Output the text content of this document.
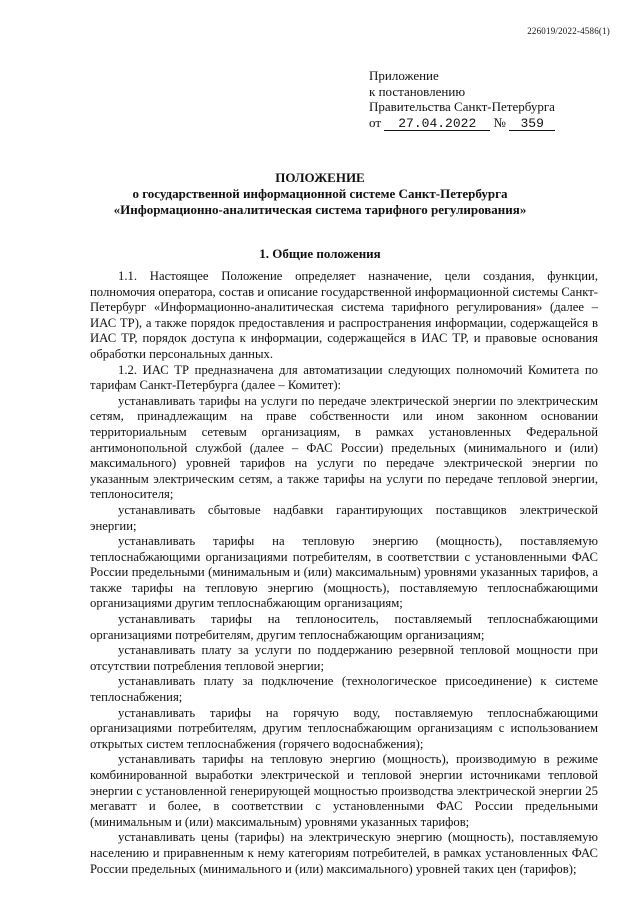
226019/2022-4586(1)
Приложение
к постановлению
Правительства Санкт-Петербурга
от 27.04.2022 № 359
ПОЛОЖЕНИЕ
о государственной информационной системе Санкт-Петербурга
«Информационно-аналитическая система тарифного регулирования»
1. Общие положения

1.1. Настоящее Положение определяет назначение, цели создания, функции, полномочия оператора, состав и описание государственной информационной системы Санкт-Петербург «Информационно-аналитическая система тарифного регулирования» (далее – ИАС ТР), а также порядок предоставления и распространения информации, содержащейся в ИАС ТР, порядок доступа к информации, содержащейся в ИАС ТР, и правовые основания обработки персональных данных.

1.2. ИАС ТР предназначена для автоматизации следующих полномочий Комитета по тарифам Санкт-Петербурга (далее – Комитет):

устанавливать тарифы на услуги по передаче электрической энергии по электрическим сетям, принадлежащим на праве собственности или ином законном основании территориальным сетевым организациям, в рамках установленных Федеральной антимонопольной службой (далее – ФАС России) предельных (минимального и (или) максимального) уровней тарифов на услуги по передаче электрической энергии по указанным электрическим сетям, а также тарифы на услуги по передаче тепловой энергии, теплоносителя;

устанавливать сбытовые надбавки гарантирующих поставщиков электрической энергии;

устанавливать тарифы на тепловую энергию (мощность), поставляемую теплоснабжающими организациями потребителям, в соответствии с установленными ФАС России предельными (минимальным и (или) максимальным) уровнями указанных тарифов, а также тарифы на тепловую энергию (мощность), поставляемую теплоснабжающими организациями другим теплоснабжающим организациям;

устанавливать тарифы на теплоноситель, поставляемый теплоснабжающими организациями потребителям, другим теплоснабжающим организациям;

устанавливать плату за услуги по поддержанию резервной тепловой мощности при отсутствии потребления тепловой энергии;

устанавливать плату за подключение (технологическое присоединение) к системе теплоснабжения;

устанавливать тарифы на горячую воду, поставляемую теплоснабжающими организациями потребителям, другим теплоснабжающим организациям с использованием открытых систем теплоснабжения (горячего водоснабжения);

устанавливать тарифы на тепловую энергию (мощность), производимую в режиме комбинированной выработки электрической и тепловой энергии источниками тепловой энергии с установленной генерирующей мощностью производства электрической энергии 25 мегаватт и более, в соответствии с установленными ФАС России предельными (минимальным и (или) максимальным) уровнями указанных тарифов;

устанавливать цены (тарифы) на электрическую энергию (мощность), поставляемую населению и приравненным к нему категориям потребителей, в рамках установленных ФАС России предельных (минимального и (или) максимального) уровней таких цен (тарифов);
